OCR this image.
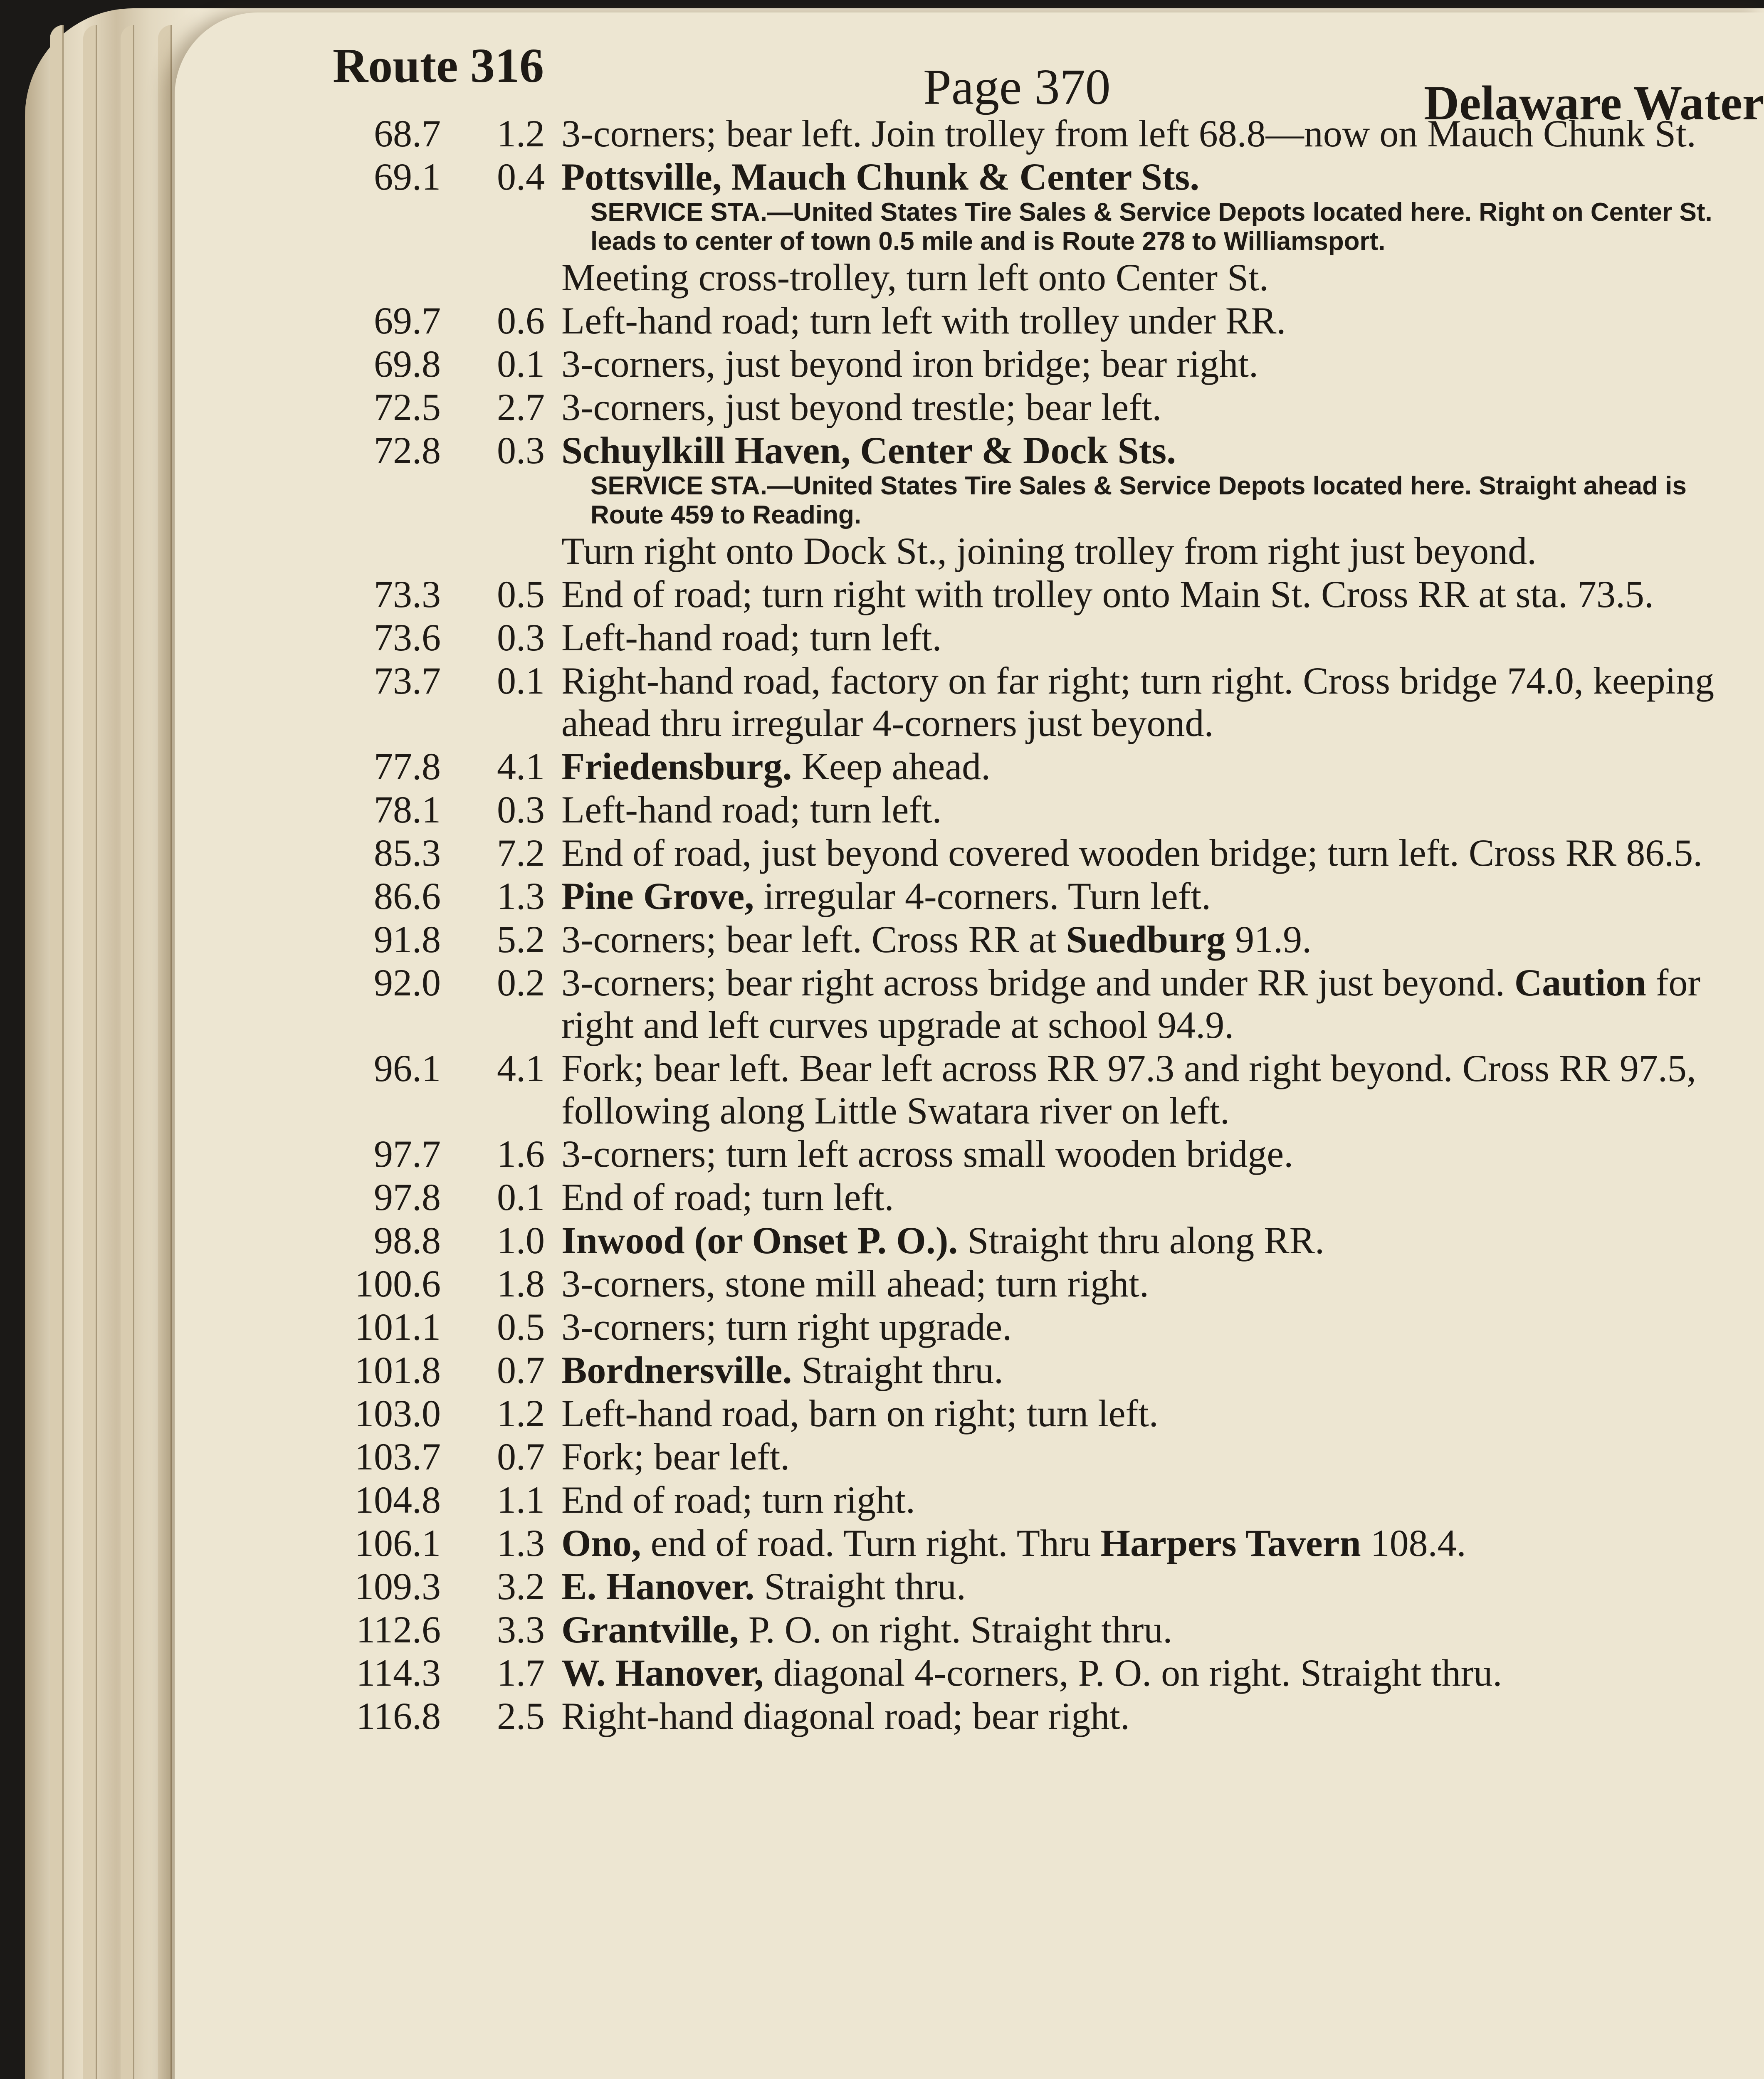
Route 316	Page 370	Delaware Water
68.7	1.2 3-corners; bear left. Join trolley from left 68.8—now on Mauch Chunk St.
69.1	0.4 Pottsville, Mauch Chunk & Center Sts.
SERVICE STA.—United States Tire Sales & Service Depots located here. Right on Center St. leads to center of town 0.5 mile and is Route 278 to Williamsport.
Meeting cross-trolley, turn left onto Center St.
69.7	0.6 Left-hand road; turn left with trolley under RR.
69.8	0.1 3-corners, just beyond iron bridge; bear right.
72.5	2.7 3-corners, just beyond trestle; bear left.
72.8	0.3 Schuylkill Haven, Center & Dock Sts.
SERVICE STA.—United States Tire Sales & Service Depots located here. Straight ahead is Route 459 to Reading.
Turn right onto Dock St., joining trolley from right just beyond.
73.3	0.5 End of road; turn right with trolley onto Main St. Cross RR at sta. 73.5.
73.6	0.3 Left-hand road; turn left.
73.7	0.1 Right-hand road, factory on far right; turn right. Cross bridge 74.0, keeping ahead thru irregular 4-corners just beyond.
77.8	4.1 Friedensburg. Keep ahead.
78.1	0.3 Left-hand road; turn left.
85.3	7.2 End of road, just beyond covered wooden bridge; turn left. Cross RR 86.5.
86.6	1.3 Pine Grove, irregular 4-corners. Turn left.
91.8	5.2 3-corners; bear left. Cross RR at Suedburg 91.9.
92.0	0.2 3-corners; bear right across bridge and under RR just beyond. Caution for right and left curves upgrade at school 94.9.
96.1	4.1 Fork; bear left. Bear left across RR 97.3 and right beyond. Cross RR 97.5, following along Little Swatara river on left.
97.7	1.6 3-corners; turn left across small wooden bridge.
97.8	0.1 End of road; turn left.
98.8	1.0 Inwood (or Onset P. O.). Straight thru along RR.
100.6	1.8 3-corners, stone mill ahead; turn right.
101.1	0.5 3-corners; turn right upgrade.
101.8	0.7 Bordnersville. Straight thru.
103.0	1.2 Left-hand road, barn on right; turn left.
103.7	0.7 Fork; bear left.
104.8	1.1 End of road; turn right.
106.1	1.3 Ono, end of road. Turn right. Thru Harpers Tavern 108.4.
109.3	3.2 E. Hanover. Straight thru.
112.6	3.3 Grantville, P. O. on right. Straight thru.
114.3	1.7 W. Hanover, diagonal 4-corners, P. O. on right. Straight thru.
116.8	2.5 Right-hand diagonal road; bear right.
